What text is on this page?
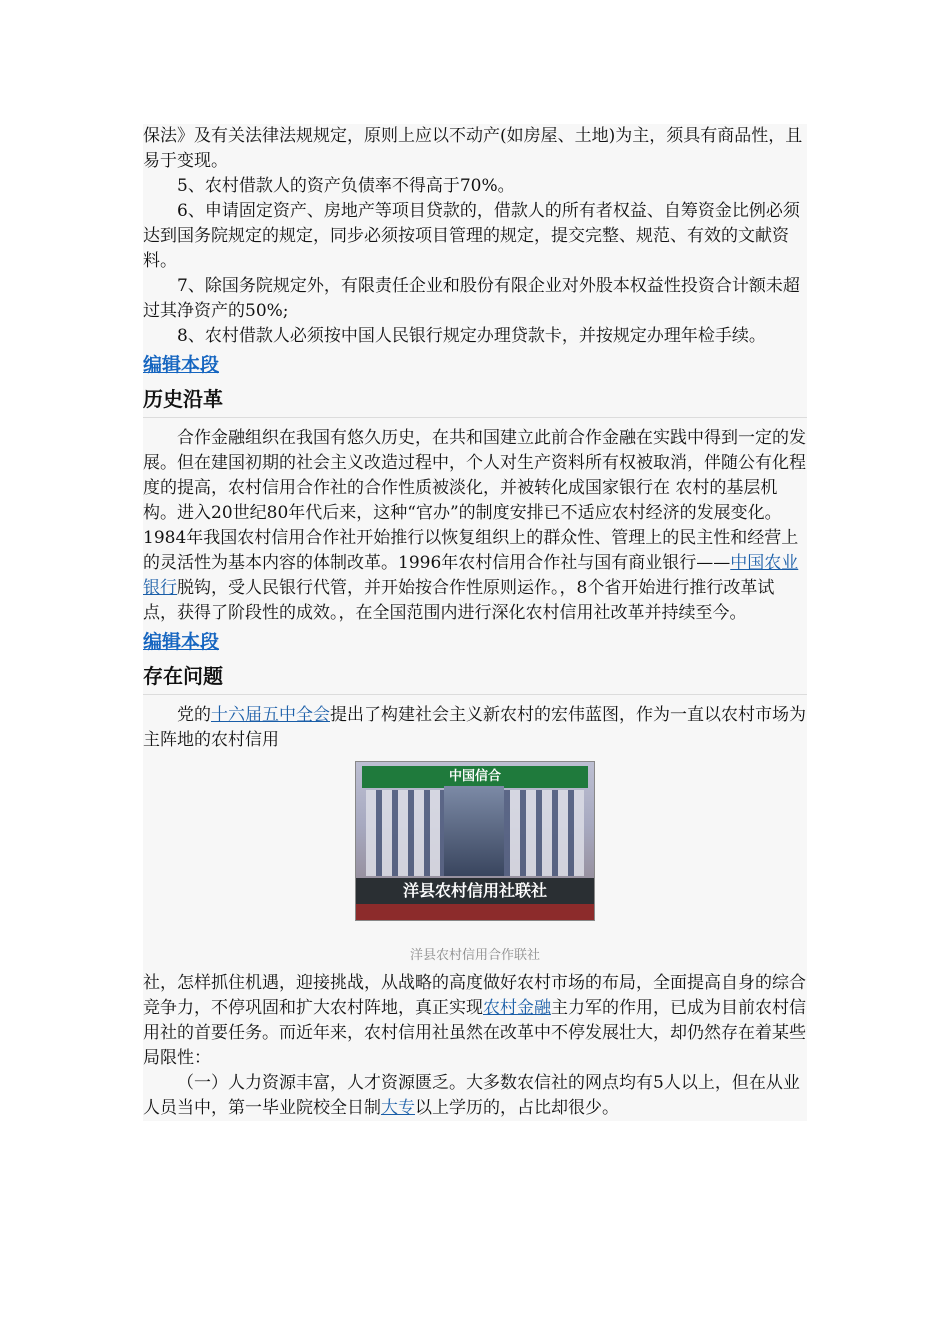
保法》及有关法律法规规定，原则上应以不动产(如房屋、土地)为主，须具有商品性，且易于变现。

5、农村借款人的资产负债率不得高于70%。

6、申请固定资产、房地产等项目贷款的，借款人的所有者权益、自筹资金比例必须达到国务院规定的规定，同步必须按项目管理的规定，提交完整、规范、有效的文献资料。

7、除国务院规定外，有限责任企业和股份有限企业对外股本权益性投资合计额未超过其净资产的50%;

8、农村借款人必须按中国人民银行规定办理贷款卡，并按规定办理年检手续。

编辑本段
历史沿革

合作金融组织在我国有悠久历史，在共和国建立此前合作金融在实践中得到一定的发展。但在建国初期的社会主义改造过程中，个人对生产资料所有权被取消，伴随公有化程度的提高，农村信用合作社的合作性质被淡化，并被转化成国家银行在 农村的基层机构。进入20世纪80年代后来，这种“官办”的制度安排已不适应农村经济的发展变化。1984年我国农村信用合作社开始推行以恢复组织上的群众性、管理上的民主性和经营上的灵活性为基本内容的体制改革。1996年农村信用合作社与国有商业银行——中国农业银行脱钩，受人民银行代管，并开始按合作性原则运作。，8个省开始进行推行改革试点，获得了阶段性的成效。，在全国范围内进行深化农村信用社改革并持续至今。

编辑本段
存在问题

党的十六届五中全会提出了构建社会主义新农村的宏伟蓝图，作为一直以农村市场为主阵地的农村信用

中国信合
洋县农村信用社联社
洋县农村信用合作联社

社，怎样抓住机遇，迎接挑战，从战略的高度做好农村市场的布局，全面提高自身的综合竞争力，不停巩固和扩大农村阵地，真正实现农村金融主力军的作用，已成为目前农村信用社的首要任务。而近年来，农村信用社虽然在改革中不停发展壮大，却仍然存在着某些局限性：

（一）人力资源丰富，人才资源匮乏。大多数农信社的网点均有5人以上，但在从业人员当中，第一毕业院校全日制大专以上学历的，占比却很少。
